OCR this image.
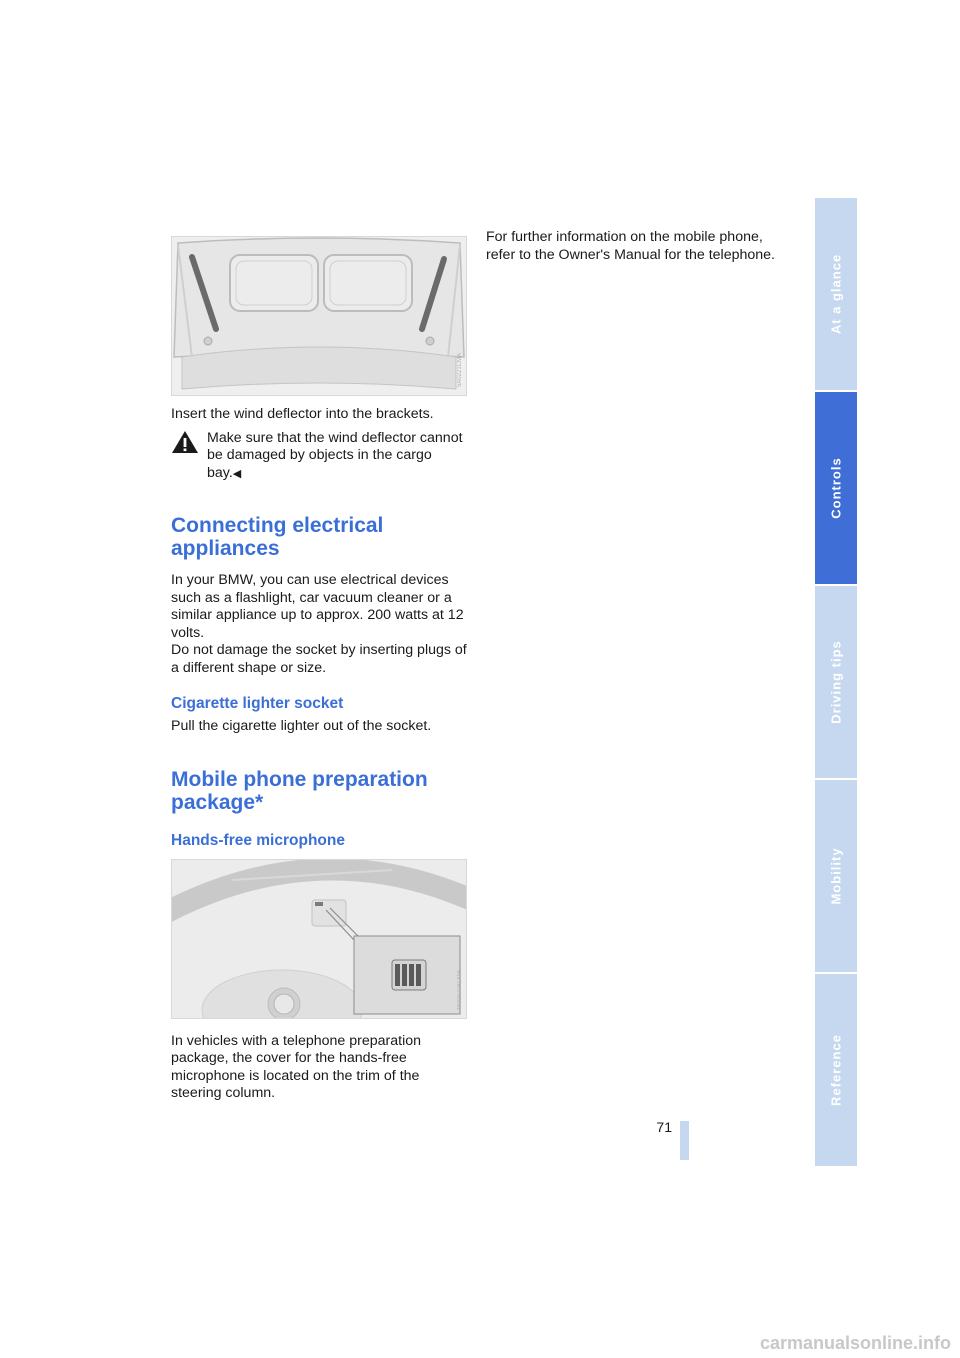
5A0221CMA

Insert the wind deflector into the brackets.

Make sure that the wind deflector cannot be damaged by objects in the cargo bay.◀

Connecting electrical appliances

In your BMW, you can use electrical devices such as a flashlight, car vacuum cleaner or a similar appliance up to approx. 200 watts at 12 volts.

Do not damage the socket by inserting plugs of a different shape or size.

Cigarette lighter socket

Pull the cigarette lighter out of the socket.

Mobile phone preparation package*
Hands-free microphone
MV0070ACMA

In vehicles with a telephone preparation package, the cover for the hands-free microphone is located on the trim of the steering column.

For further information on the mobile phone, refer to the Owner's Manual for the telephone.	At a glance
Controls
Driving tips
Mobility
Reference
71
carmanualsonline.info
